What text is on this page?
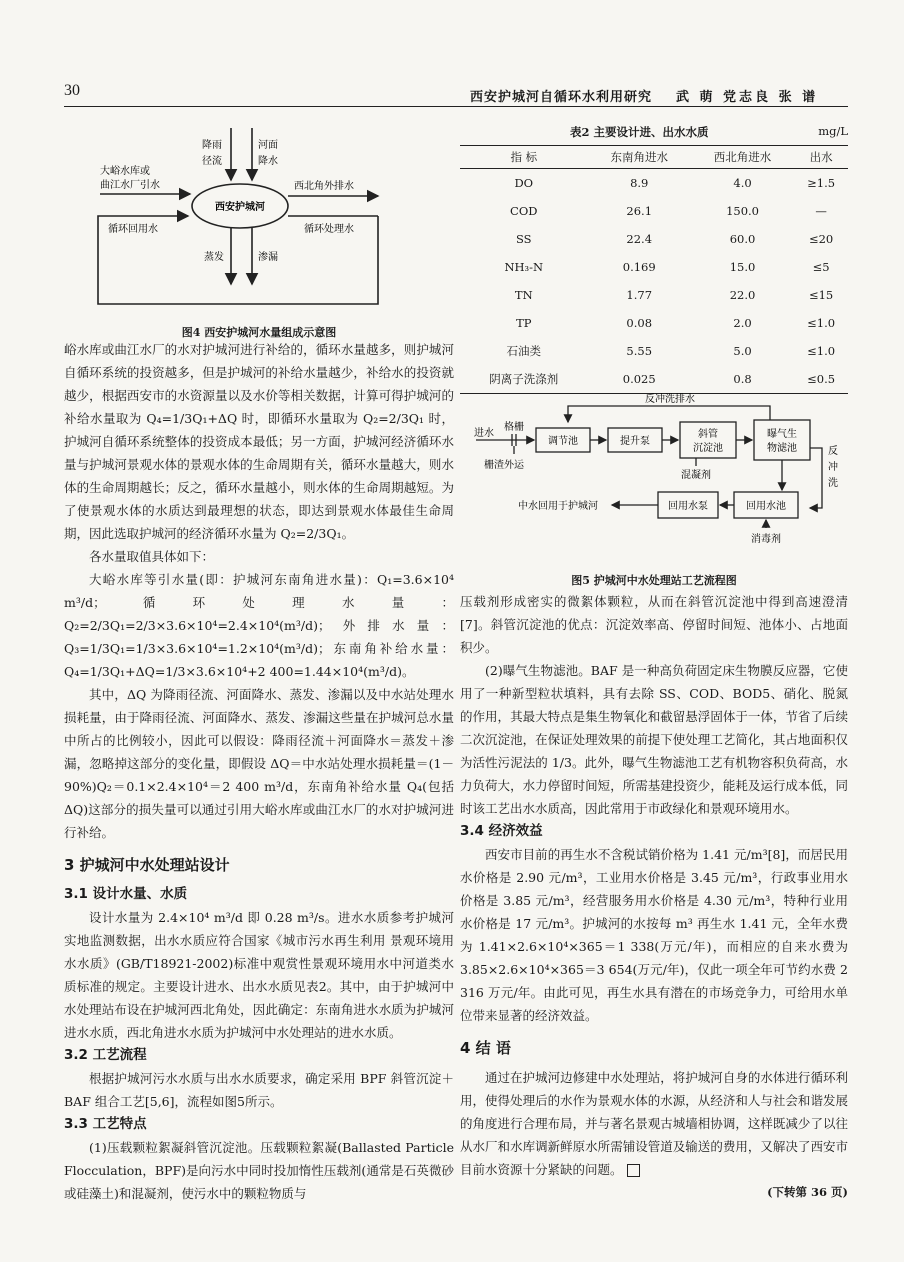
30	西安护城河自循环水利用研究 武 萌 党志良 张 谱
降雨
径流
河面
降水
大峪水库或
曲江水厂引水
西安护城河
西北角外排水
循环回用水	循环处理水
蒸发	渗漏
图4 西安护城河水量组成示意图

峪水库或曲江水厂的水对护城河进行补给的，循环水量越多，则护城河自循环系统的投资越多，但是护城河的补给水量越少，补给水的投资就越少，根据西安市的水资源量以及水价等相关数据，计算可得护城河的补给水量取为 Q₄=1/3Q₁+ΔQ 时，即循环水量取为 Q₂=2/3Q₁ 时，护城河自循环系统整体的投资成本最低；另一方面，护城河经济循环水量与护城河景观水体的景观水体的生命周期有关，循环水量越大，则水体的生命周期越长；反之，循环水量越小，则水体的生命周期越短。为了使景观水体的水质达到最理想的状态，即达到景观水体最佳生命周期，因此选取护城河的经济循环水量为 Q₂=2/3Q₁。

各水量取值具体如下：

大峪水库等引水量(即：护城河东南角进水量)：Q₁=3.6×10⁴ m³/d；循环处理水量：Q₂=2/3Q₁=2/3×3.6×10⁴=2.4×10⁴(m³/d)；外排水量：Q₃=1/3Q₁=1/3×3.6×10⁴=1.2×10⁴(m³/d)；东南角补给水量：Q₄=1/3Q₁+ΔQ=1/3×3.6×10⁴+2 400=1.44×10⁴(m³/d)。

其中，ΔQ 为降雨径流、河面降水、蒸发、渗漏以及中水站处理水损耗量，由于降雨径流、河面降水、蒸发、渗漏这些量在护城河总水量中所占的比例较小，因此可以假设：降雨径流＋河面降水＝蒸发＋渗漏，忽略掉这部分的变化量，即假设 ΔQ＝中水站处理水损耗量＝(1－90%)Q₂＝0.1×2.4×10⁴＝2 400 m³/d，东南角补给水量 Q₄(包括 ΔQ)这部分的损失量可以通过引用大峪水库或曲江水厂的水对护城河进行补给。

3 护城河中水处理站设计

3.1 设计水量、水质

设计水量为 2.4×10⁴ m³/d 即 0.28 m³/s。进水水质参考护城河实地监测数据，出水水质应符合国家《城市污水再生利用 景观环境用水水质》(GB/T18921-2002)标准中观赏性景观环境用水中河道类水质标准的规定。主要设计进水、出水水质见表2。其中，由于护城河中水处理站布设在护城河西北角处，因此确定：东南角进水水质为护城河进水水质，西北角进水水质为护城河中水处理站的进水水质。

3.2 工艺流程

根据护城河污水水质与出水水质要求，确定采用 BPF 斜管沉淀＋BAF 组合工艺[5,6]，流程如图5所示。

3.3 工艺特点

(1)压载颗粒絮凝斜管沉淀池。压载颗粒絮凝(Ballasted Particle Flocculation，BPF)是向污水中同时投加惰性压载剂(通常是石英微砂或硅藻土)和混凝剂，使污水中的颗粒物质与

表2 主要设计进、出水水质	mg/L
指 标	东南角进水	西北角进水	出水
DO	8.9	4.0	≥1.5
COD	26.1	150.0	—
SS	22.4	60.0	≤20
NH₃-N	0.169	15.0	≤5
TN	1.77	22.0	≤15
TP	0.08	2.0	≤1.0
石油类	5.55	5.0	≤1.0
阴离子洗涤剂	0.025	0.8	≤0.5
反冲洗排水
进水
格栅
栅渣外运
调节池	提升泵
斜管
沉淀池
混凝剂
曝气生
物滤池	反
冲
洗
中水回用于护城河	回用水泵	回用水池
消毒剂
图5 护城河中水处理站工艺流程图

压载剂形成密实的微絮体颗粒，从而在斜管沉淀池中得到高速澄清[7]。斜管沉淀池的优点：沉淀效率高、停留时间短、池体小、占地面积少。

(2)曝气生物滤池。BAF 是一种高负荷固定床生物膜反应器，它使用了一种新型粒状填料，具有去除 SS、COD、BOD5、硝化、脱氮的作用，其最大特点是集生物氧化和截留悬浮固体于一体，节省了后续二次沉淀池，在保证处理效果的前提下使处理工艺简化，其占地面积仅为活性污泥法的 1/3。此外，曝气生物滤池工艺有机物容积负荷高，水力负荷大，水力停留时间短，所需基建投资少，能耗及运行成本低，同时该工艺出水水质高，因此常用于市政绿化和景观环境用水。

3.4 经济效益

西安市目前的再生水不含税试销价格为 1.41 元/m³[8]，而居民用水价格是 2.90 元/m³，工业用水价格是 3.45 元/m³，行政事业用水价格是 3.85 元/m³，经营服务用水价格是 4.30 元/m³，特种行业用水价格是 17 元/m³。护城河的水按每 m³ 再生水 1.41 元，全年水费为 1.41×2.6×10⁴×365＝1 338(万元/年)，而相应的自来水费为 3.85×2.6×10⁴×365＝3 654(万元/年)，仅此一项全年可节约水费 2 316 万元/年。由此可见，再生水具有潜在的市场竞争力，可给用水单位带来显著的经济效益。

4 结 语

通过在护城河边修建中水处理站，将护城河自身的水体进行循环利用，使得处理后的水作为景观水体的水源，从经济和人与社会和谐发展的角度进行合理布局，并与著名景观古城墙相协调，这样既减少了以往从水厂和水库调新鲜原水所需铺设管道及输送的费用，又解决了西安市目前水资源十分紧缺的问题。

(下转第 36 页)
